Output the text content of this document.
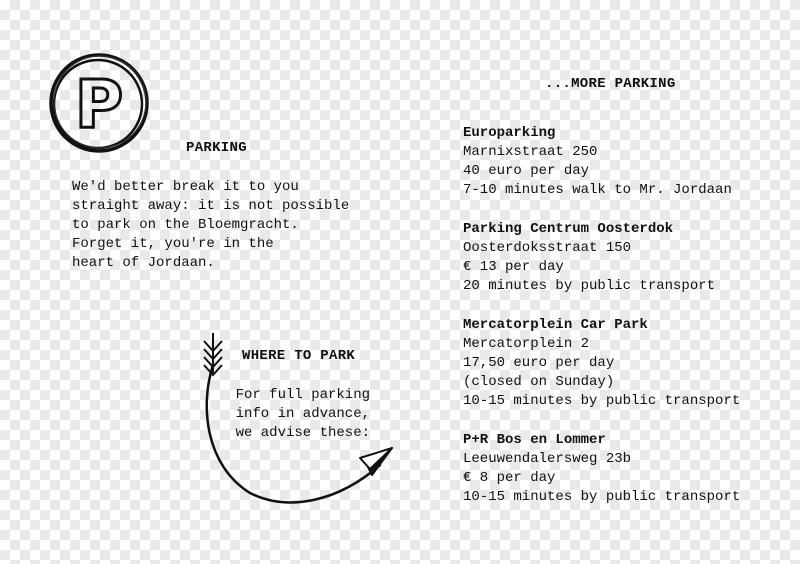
P
PARKING
We'd better break it to you
straight away: it is not possible
to park on the Bloemgracht.
Forget it, you're in the
heart of Jordaan.
WHERE TO PARK
For full parking
info in advance,
we advise these:
...MORE PARKING
Europarking
Marnixstraat 250
40 euro per day
7-10 minutes walk to Mr. Jordaan
Parking Centrum Oosterdok
Oosterdoksstraat 150
€ 13 per day
20 minutes by public transport
Mercatorplein Car Park
Mercatorplein 2
17,50 euro per day
(closed on Sunday)
10-15 minutes by public transport
P+R Bos en Lommer
Leeuwendalersweg 23b
€ 8 per day
10-15 minutes by public transport
